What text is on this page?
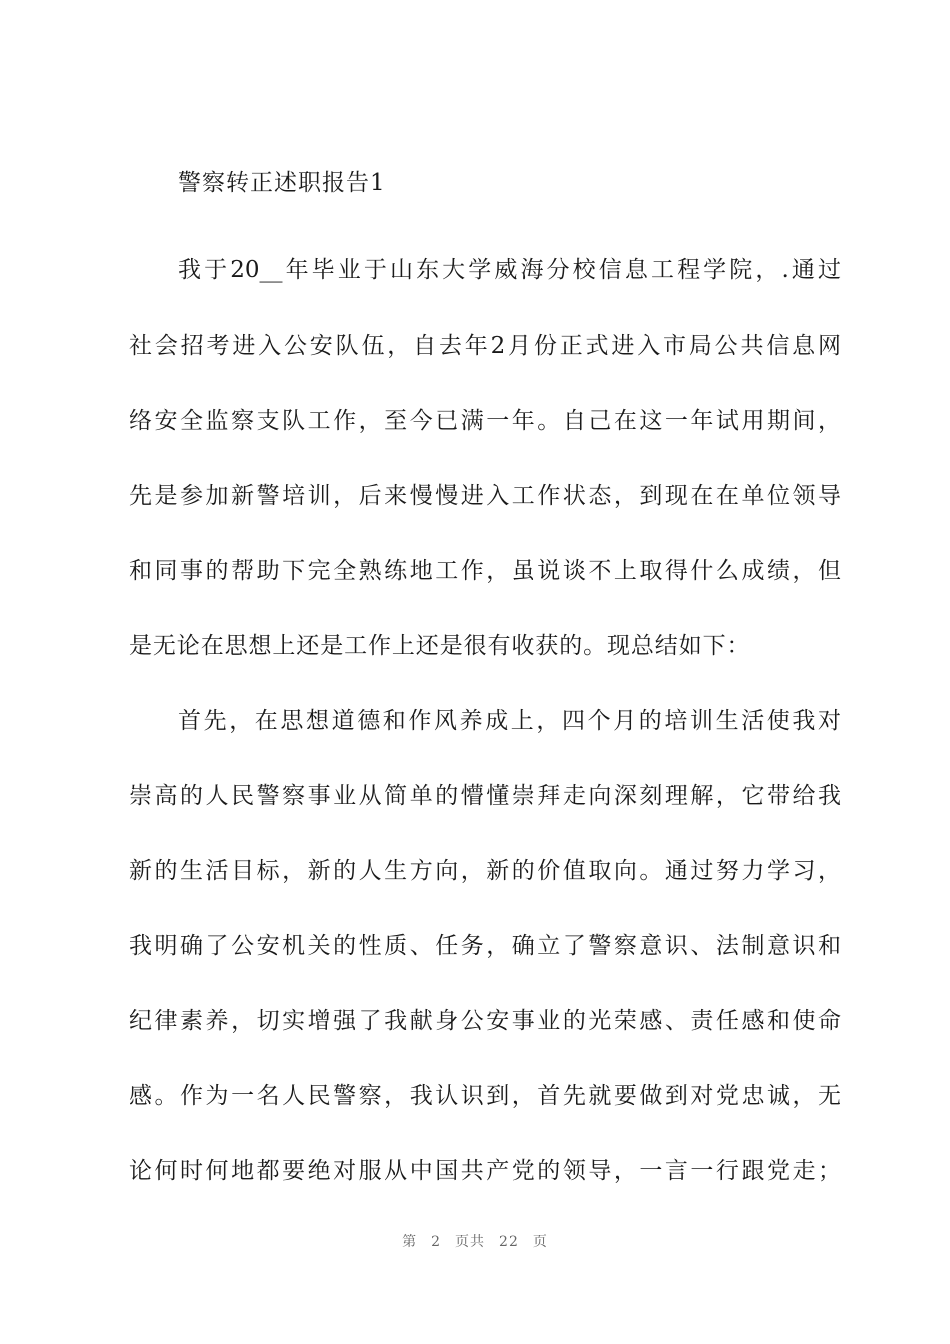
警察转正述职报告1
我于20__年毕业于山东大学威海分校信息工程学院，.通过
社会招考进入公安队伍，自去年2月份正式进入市局公共信息网
络安全监察支队工作，至今已满一年。自己在这一年试用期间，
先是参加新警培训，后来慢慢进入工作状态，到现在在单位领导
和同事的帮助下完全熟练地工作，虽说谈不上取得什么成绩，但
是无论在思想上还是工作上还是很有收获的。现总结如下：
首先，在思想道德和作风养成上，四个月的培训生活使我对
崇高的人民警察事业从简单的懵懂崇拜走向深刻理解，它带给我
新的生活目标，新的人生方向，新的价值取向。通过努力学习，
我明确了公安机关的性质、任务，确立了警察意识、法制意识和
纪律素养，切实增强了我献身公安事业的光荣感、责任感和使命
感。作为一名人民警察，我认识到，首先就要做到对党忠诚，无
论何时何地都要绝对服从中国共产党的领导，一言一行跟党走；
第 2 页共 22 页
